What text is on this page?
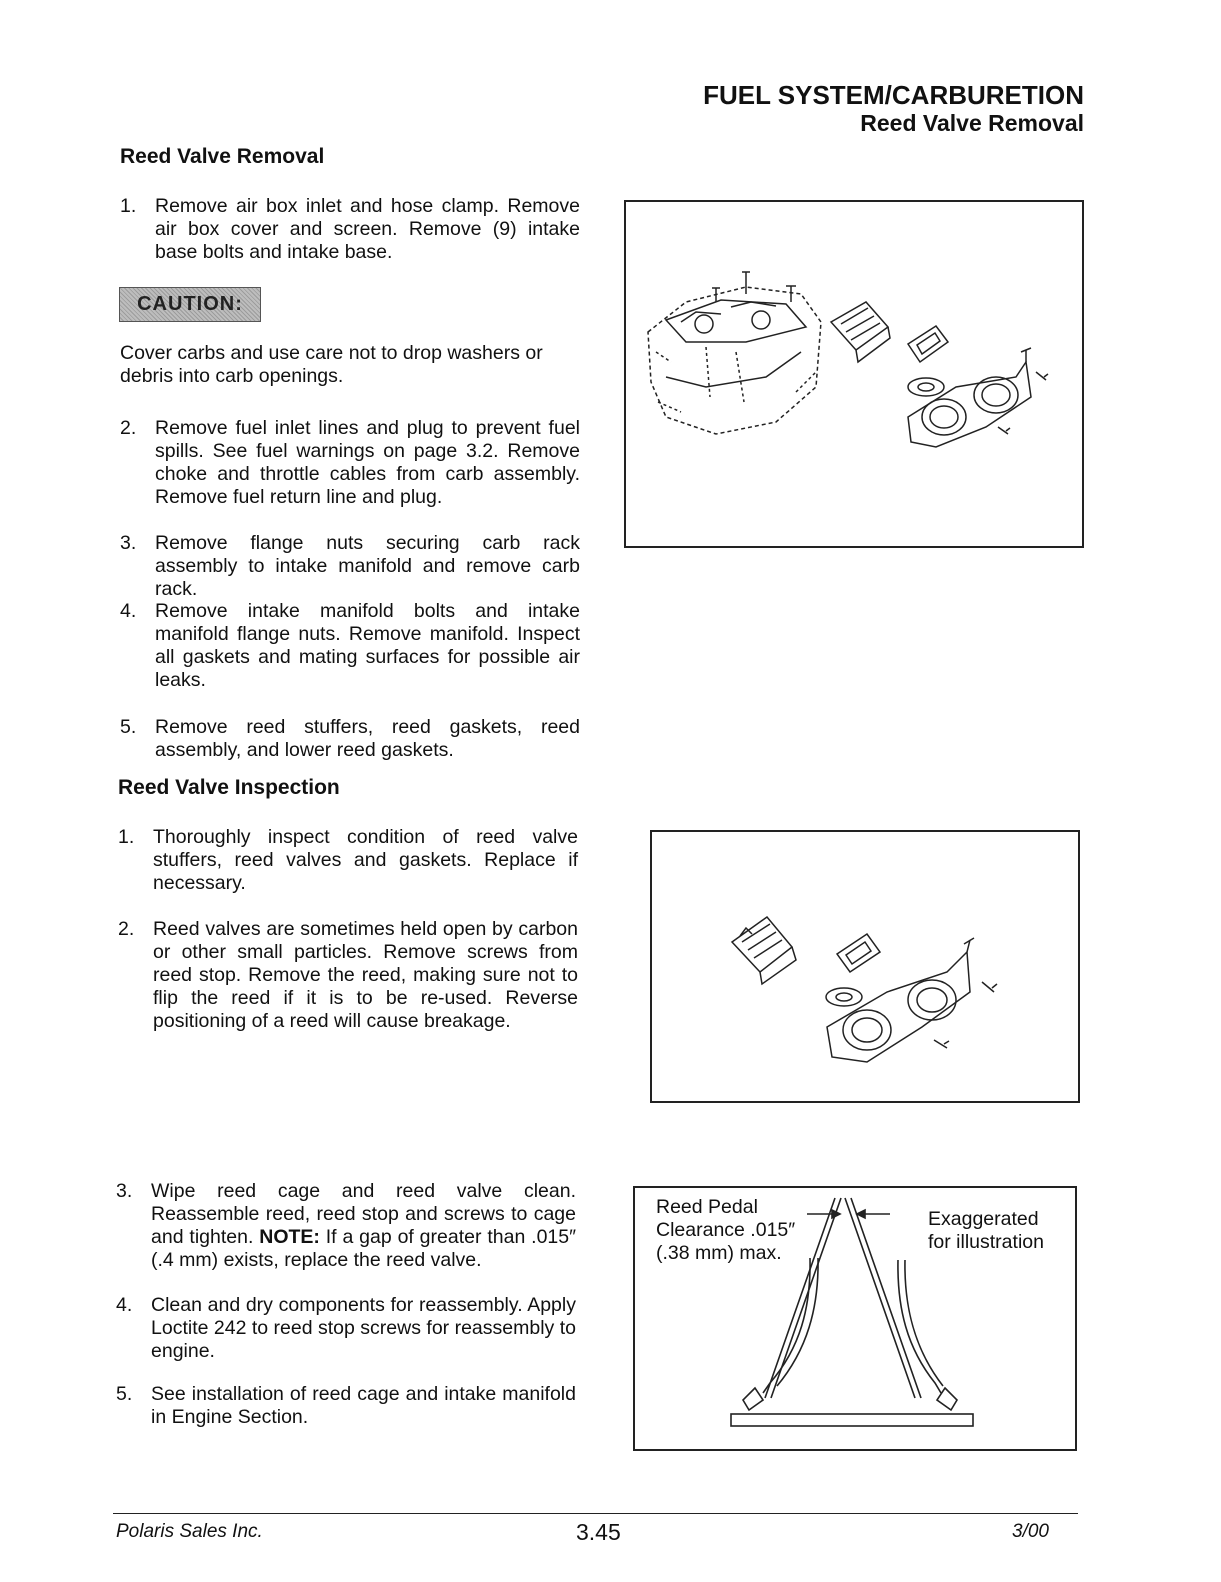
FUEL SYSTEM/CARBURETION
Reed Valve Removal
Reed Valve Removal
1. Remove air box inlet and hose clamp. Remove air box cover and screen. Remove (9) intake base bolts and intake base.
CAUTION:
Cover carbs and use care not to drop washers or debris into carb openings.
2. Remove fuel inlet lines and plug to prevent fuel spills. See fuel warnings on page 3.2. Remove choke and throttle cables from carb assembly. Remove fuel return line and plug.
3. Remove flange nuts securing carb rack assembly to intake manifold and remove carb rack.
4. Remove intake manifold bolts and intake manifold flange nuts. Remove manifold. Inspect all gaskets and mating surfaces for possible air leaks.
5. Remove reed stuffers, reed gaskets, reed assembly, and lower reed gaskets.
Reed Valve Inspection
1. Thoroughly inspect condition of reed valve stuffers, reed valves and gaskets. Replace if necessary.
2. Reed valves are sometimes held open by carbon or other small particles. Remove screws from reed stop. Remove the reed, making sure not to flip the reed if it is to be re-used. Reverse positioning of a reed will cause breakage.
3. Wipe reed cage and reed valve clean. Reassemble reed, reed stop and screws to cage and tighten. NOTE: If a gap of greater than .015″ (.4 mm) exists, replace the reed valve.
4. Clean and dry components for reassembly. Apply Loctite 242 to reed stop screws for reassembly to engine.
5. See installation of reed cage and intake manifold in Engine Section.
Reed Pedal
Clearance .015″
(.38 mm) max.
Exaggerated
for illustration
Polaris Sales Inc.	3.45	3/00
